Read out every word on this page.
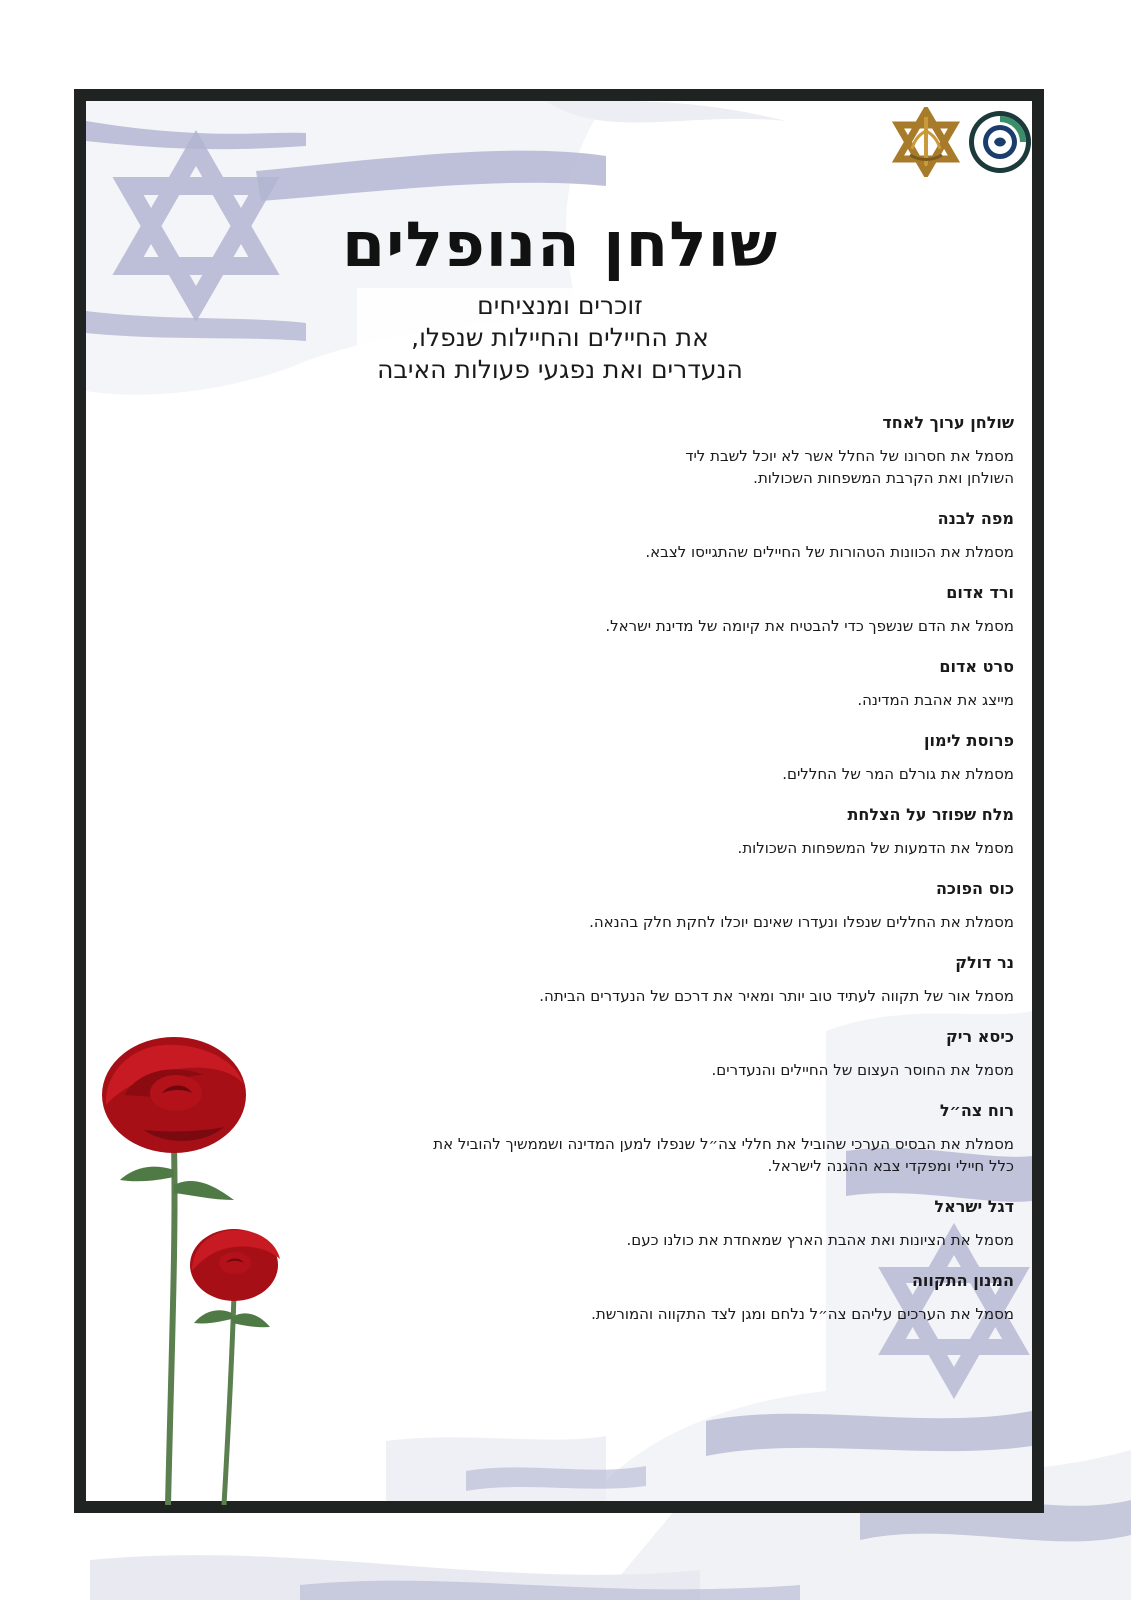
שולחן הנופלים
זוכרים ומנציחים
את החיילים והחיילות שנפלו,
הנעדרים ואת נפגעי פעולות האיבה

שולחן ערוך לאחד

מסמל את חסרונו של החלל אשר לא יוכל לשבת ליד

השולחן ואת הקרבת המשפחות השכולות.

מפה לבנה

מסמלת את הכוונות הטהורות של החיילים שהתגייסו לצבא.

ורד אדום

מסמל את הדם שנשפך כדי להבטיח את קיומה של מדינת ישראל.

סרט אדום

מייצג את אהבת המדינה.

פרוסת לימון

מסמלת את גורלם המר של החללים.

מלח שפוזר על הצלחת

מסמל את הדמעות של המשפחות השכולות.

כוס הפוכה

מסמלת את החללים שנפלו ונעדרו שאינם יוכלו לחקת חלק בהנאה.

נר דולק

מסמל אור של תקווה לעתיד טוב יותר ומאיר את דרכם של הנעדרים הביתה.

כיסא ריק

מסמל את החוסר העצום של החיילים והנעדרים.

רוח צה״ל

מסמלת את הבסיס הערכי שהוביל את חללי צה״ל שנפלו למען המדינה ושממשיך להוביל את

כלל חיילי ומפקדי צבא ההגנה לישראל.

דגל ישראל

מסמל את הציונות ואת אהבת הארץ שמאחדת את כולנו כעם.

המנון התקווה

מסמל את הערכים עליהם צה״ל נלחם ומגן לצד התקווה והמורשת.
